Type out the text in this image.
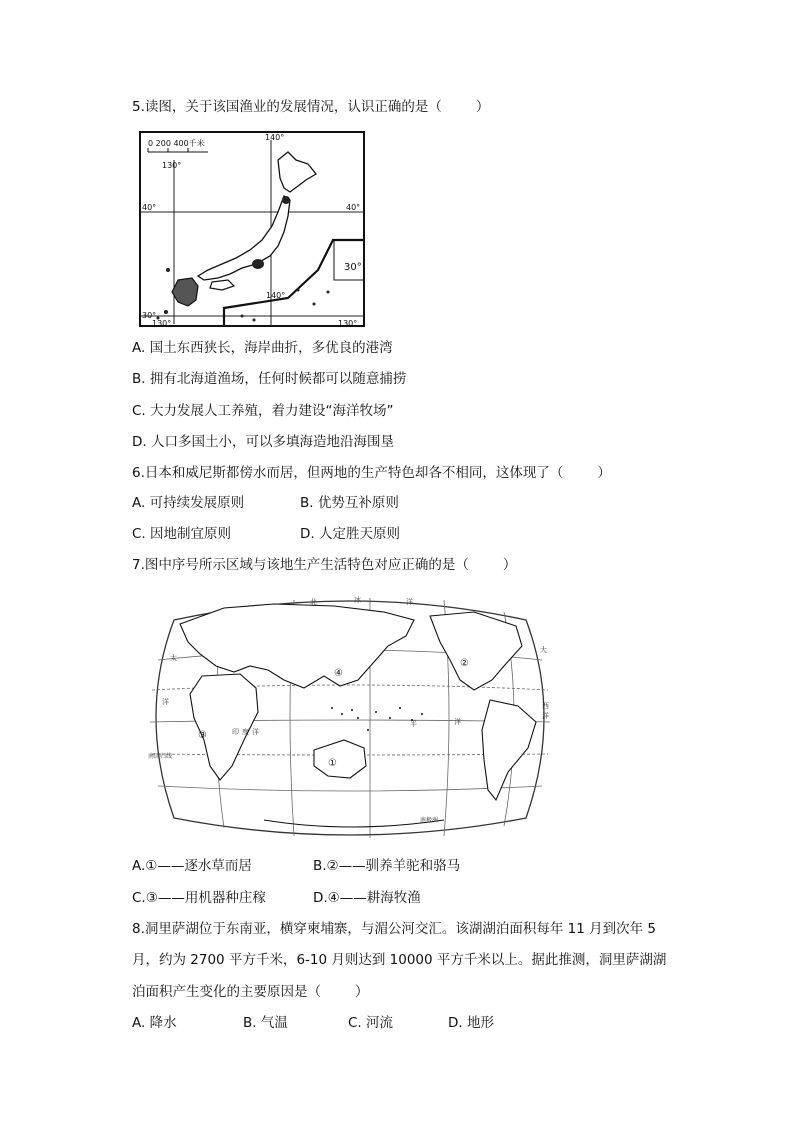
5.读图，关于该国渔业的发展情况，认识正确的是（	）
0 200 400千米
130°
140°
40°	40°
30°
30°
140°
130°	130°
A. 国土东西狭长，海岸曲折，多优良的港湾
B. 拥有北海道渔场，任何时候都可以随意捕捞
C. 大力发展人工养殖，着力建设“海洋牧场”
D. 人口多国土小，可以多填海造地沿海围垦
6.日本和威尼斯都傍水而居，但两地的生产特色却各不相同，这体现了（	）
A. 可持续发展原则	B. 优势互补原则
C. 因地制宜原则	D. 人定胜天原则
7.图中序号所示区域与该地生产生活特色对应正确的是（	）
北	冰	洋
太
大
平	洋
印 度 洋
洋	西
洋
南回归线
南极洲
④
②
③
①
A.①——逐水草而居	B.②——驯养羊驼和骆马
C.③——用机器种庄稼	D.④——耕海牧渔
8.洞里萨湖位于东南亚，横穿柬埔寨，与湄公河交汇。该湖湖泊面积每年 11 月到次年 5
月，约为 2700 平方千米，6-10 月则达到 10000 平方千米以上。据此推测，洞里萨湖湖
泊面积产生变化的主要原因是（	）
A. 降水	B. 气温	C. 河流	D. 地形
